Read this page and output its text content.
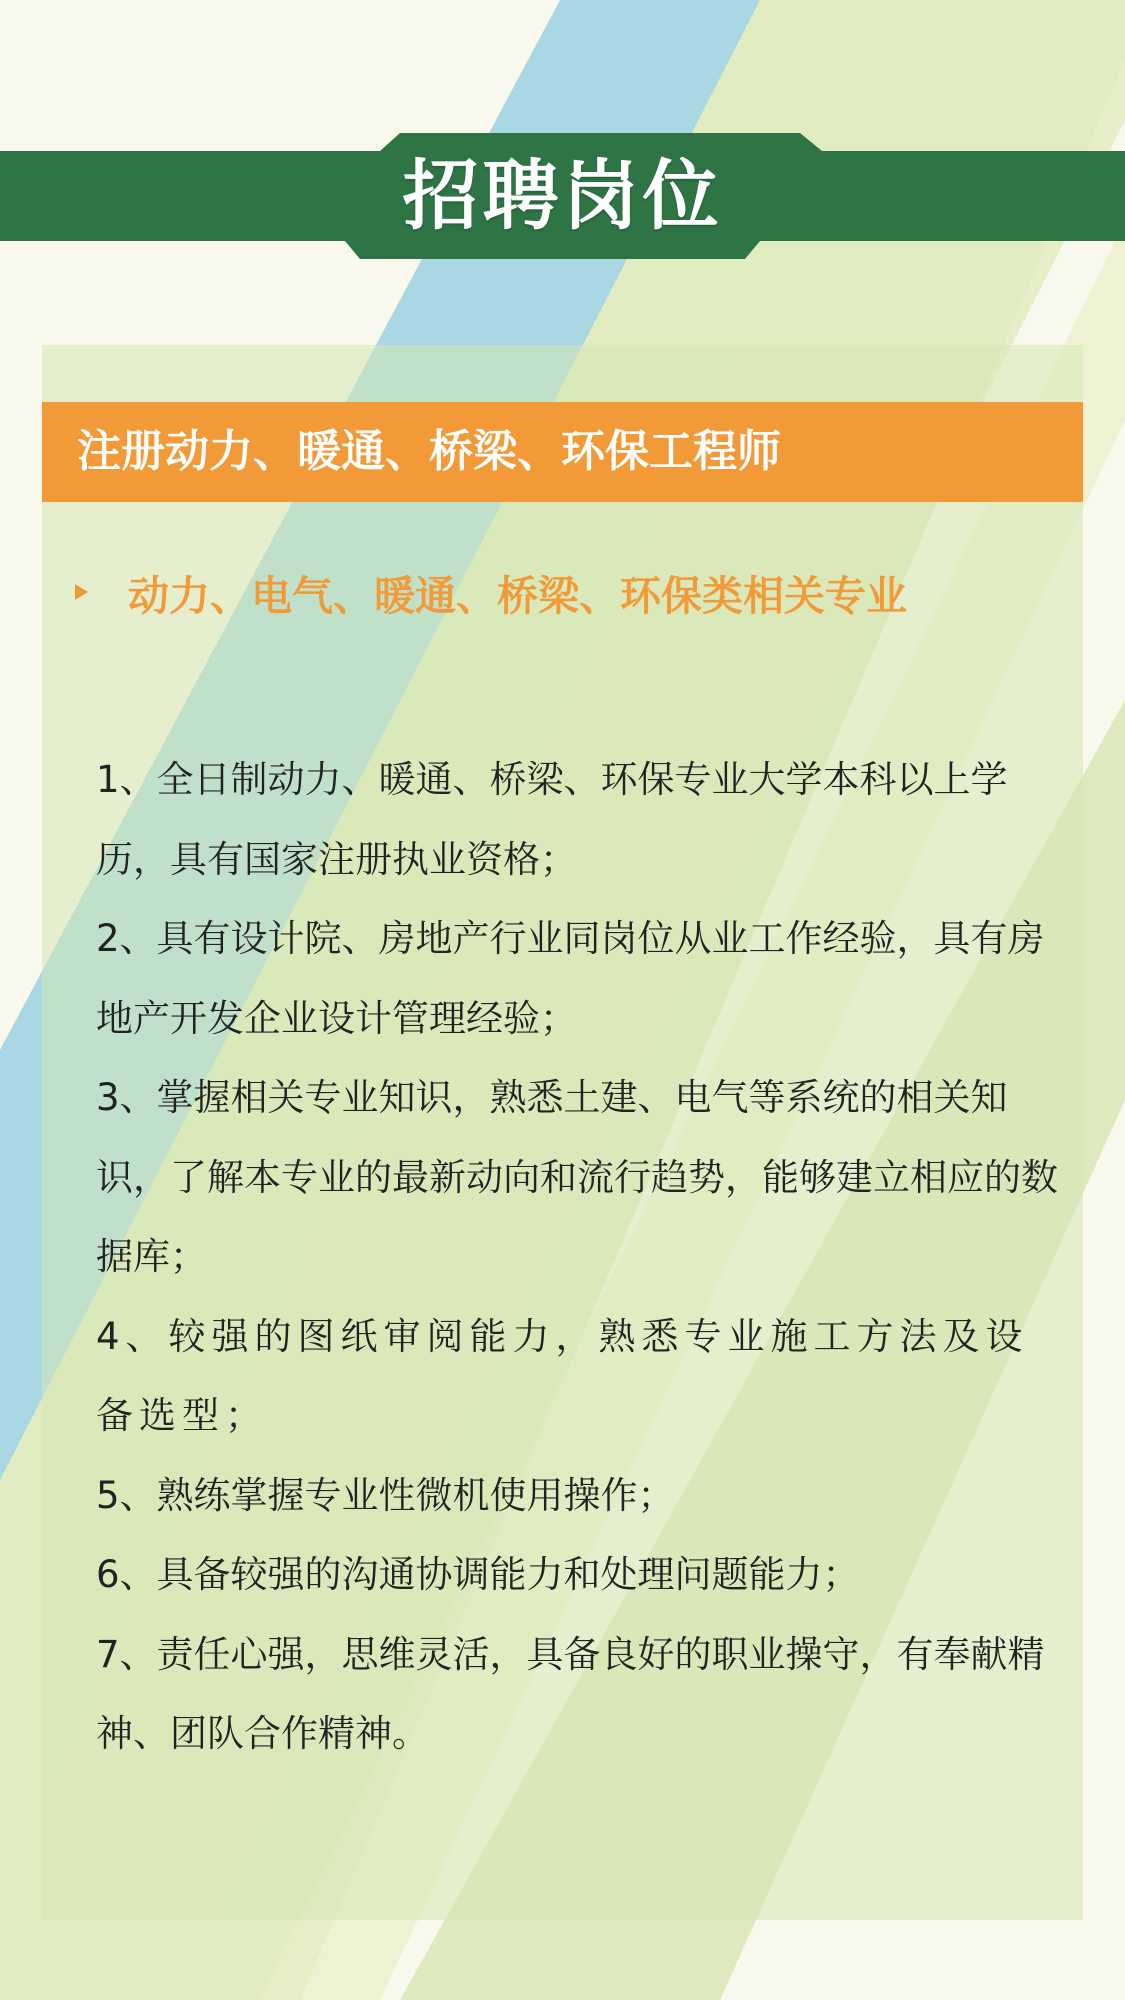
招聘岗位
注册动力、暖通、桥梁、环保工程师
动力、电气、暖通、桥梁、环保类相关专业
1、全日制动力、暖通、桥梁、环保专业大学本科以上学历，具有国家注册执业资格；
2、具有设计院、房地产行业同岗位从业工作经验，具有房地产开发企业设计管理经验；
3、掌握相关专业知识，熟悉土建、电气等系统的相关知识，了解本专业的最新动向和流行趋势，能够建立相应的数据库；
4、较强的图纸审阅能力，熟悉专业施工方法及设备选型；
5、熟练掌握专业性微机使用操作；
6、具备较强的沟通协调能力和处理问题能力；
7、责任心强，思维灵活，具备良好的职业操守，有奉献精神、团队合作精神。
